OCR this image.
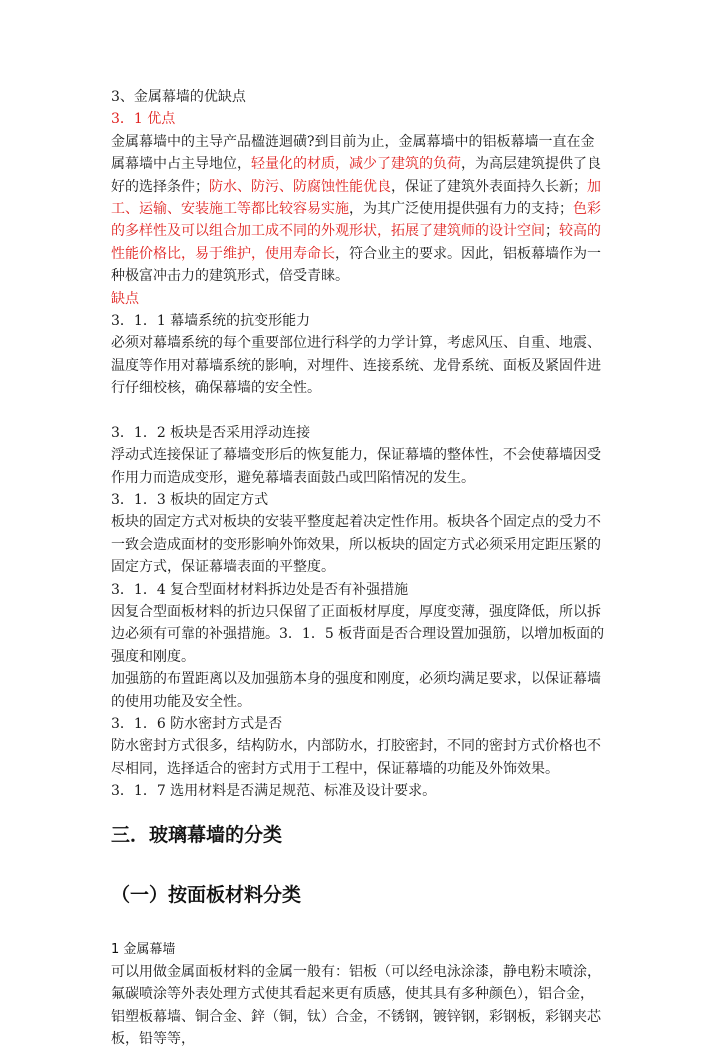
3、金属幕墙的优缺点
3．1 优点
金属幕墙中的主导产品楹涟迴磺?到目前为止，金属幕墙中的铝板幕墙一直在金
属幕墙中占主导地位，轻量化的材质，减少了建筑的负荷，为高层建筑提供了良
好的选择条件；防水、防污、防腐蚀性能优良，保证了建筑外表面持久长新；加
工、运输、安装施工等都比较容易实施，为其广泛使用提供强有力的支持；色彩
的多样性及可以组合加工成不同的外观形状，拓展了建筑师的设计空间；较高的
性能价格比，易于维护，使用寿命长，符合业主的要求。因此，铝板幕墙作为一
种极富冲击力的建筑形式，倍受青睐。
缺点
3．1．1 幕墙系统的抗变形能力
必须对幕墙系统的每个重要部位进行科学的力学计算，考虑风压、自重、地震、
温度等作用对幕墙系统的影响，对埋件、连接系统、龙骨系统、面板及紧固件进
行仔细校核，确保幕墙的安全性。
3．1．2 板块是否采用浮动连接
浮动式连接保证了幕墙变形后的恢复能力，保证幕墙的整体性，不会使幕墙因受
作用力而造成变形，避免幕墙表面鼓凸或凹陷情况的发生。
3．1．3 板块的固定方式
板块的固定方式对板块的安装平整度起着决定性作用。板块各个固定点的受力不
一致会造成面材的变形影响外饰效果，所以板块的固定方式必须采用定距压紧的
固定方式，保证幕墙表面的平整度。
3．1．4 复合型面材材料拆边处是否有补强措施
因复合型面板材料的折边只保留了正面板材厚度，厚度变薄，强度降低，所以拆
边必须有可靠的补强措施。3．1．5 板背面是否合理设置加强筋，以增加板面的
强度和刚度。
加强筋的布置距离以及加强筋本身的强度和刚度，必须均满足要求，以保证幕墙
的使用功能及安全性。
3．1．6 防水密封方式是否
防水密封方式很多，结构防水，内部防水，打胶密封，不同的密封方式价格也不
尽相同，选择适合的密封方式用于工程中，保证幕墙的功能及外饰效果。
3．1．7 选用材料是否满足规范、标准及设计要求。
三．玻璃幕墙的分类
（一）按面板材料分类
1 金属幕墙
可以用做金属面板材料的金属一般有：铝板（可以经电泳涂漆，静电粉末喷涂，
氟碳喷涂等外表处理方式使其看起来更有质感，使其具有多种颜色），铝合金，
铝塑板幕墙、铜合金、鋅（铜，钛）合金，不锈钢，镀锌钢，彩钢板，彩钢夹芯
板，铅等等，
